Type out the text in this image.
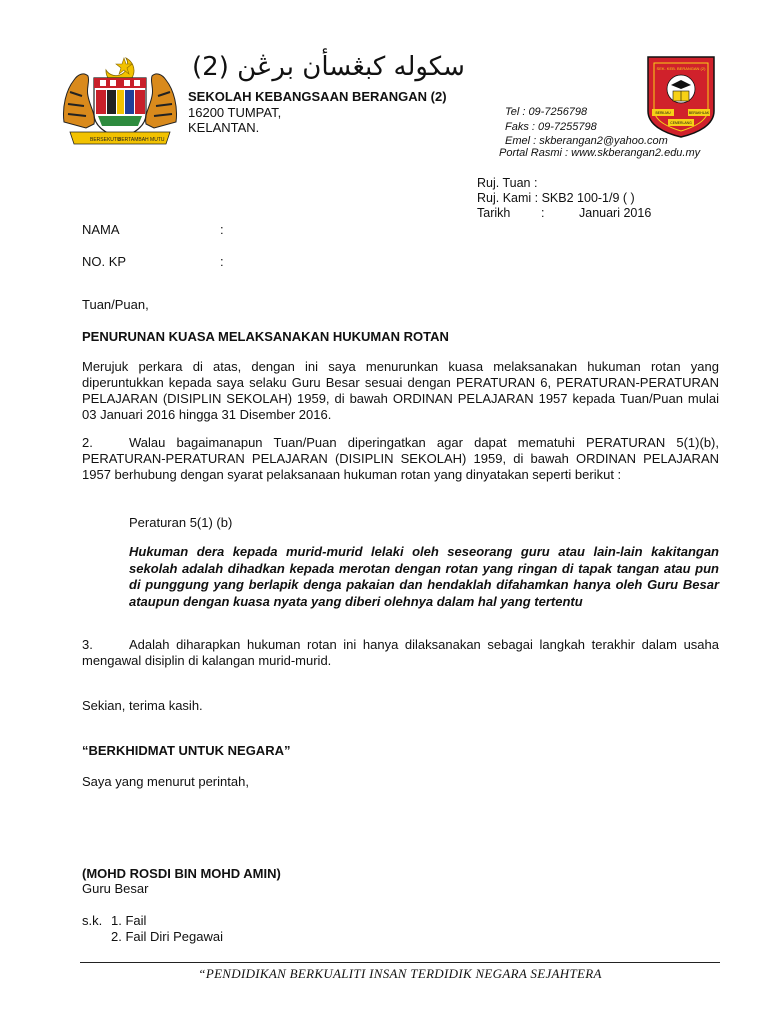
BERSEKUTU
BERTAMBAH MUTU
سكوله كبڠسأن برڠن (2)
SEKOLAH KEBANGSAAN BERANGAN (2)
16200 TUMPAT,
KELANTAN.
Tel : 09-7256798
Faks : 09-7255798
Emel : skberangan2@yahoo.com
Portal Rasmi : www.skberangan2.edu.my
SEK. KEB. BERANGAN (2)
BERILMU	BERAKHLAK
CEMERLANG
Ruj. Tuan :
Ruj. Kami : SKB2 100-1/9 ( )
Tarikh :	Januari 2016
NAMA	:
NO. KP	:
Tuan/Puan,
PENURUNAN KUASA MELAKSANAKAN HUKUMAN ROTAN
Merujuk perkara di atas, dengan ini saya menurunkan kuasa melaksanakan hukuman rotan yang diperuntukkan kepada saya selaku Guru Besar sesuai dengan PERATURAN 6, PERATURAN-PERATURAN PELAJARAN (DISIPLIN SEKOLAH) 1959, di bawah ORDINAN PELAJARAN 1957 kepada Tuan/Puan mulai 03 Januari 2016 hingga 31 Disember 2016.
2.	Walau bagaimanapun Tuan/Puan diperingatkan agar dapat mematuhi PERATURAN 5(1)(b), PERATURAN-PERATURAN PELAJARAN (DISIPLIN SEKOLAH) 1959, di bawah ORDINAN PELAJARAN 1957 berhubung dengan syarat pelaksanaan hukuman rotan yang dinyatakan seperti berikut :
Peraturan 5(1) (b)
Hukuman dera kepada murid-murid lelaki oleh seseorang guru atau lain-lain kakitangan sekolah adalah dihadkan kepada merotan dengan rotan yang ringan di tapak tangan atau pun di punggung yang berlapik denga pakaian dan hendaklah difahamkan hanya oleh Guru Besar ataupun dengan kuasa nyata yang diberi olehnya dalam hal yang tertentu
3.	Adalah diharapkan hukuman rotan ini hanya dilaksanakan sebagai langkah terakhir dalam usaha mengawal disiplin di kalangan murid-murid.
Sekian, terima kasih.
“BERKHIDMAT UNTUK NEGARA”
Saya yang menurut perintah,
(MOHD ROSDI BIN MOHD AMIN)
Guru Besar
s.k. 1. Fail
2. Fail Diri Pegawai
“PENDIDIKAN BERKUALITI INSAN TERDIDIK NEGARA SEJAHTERA
